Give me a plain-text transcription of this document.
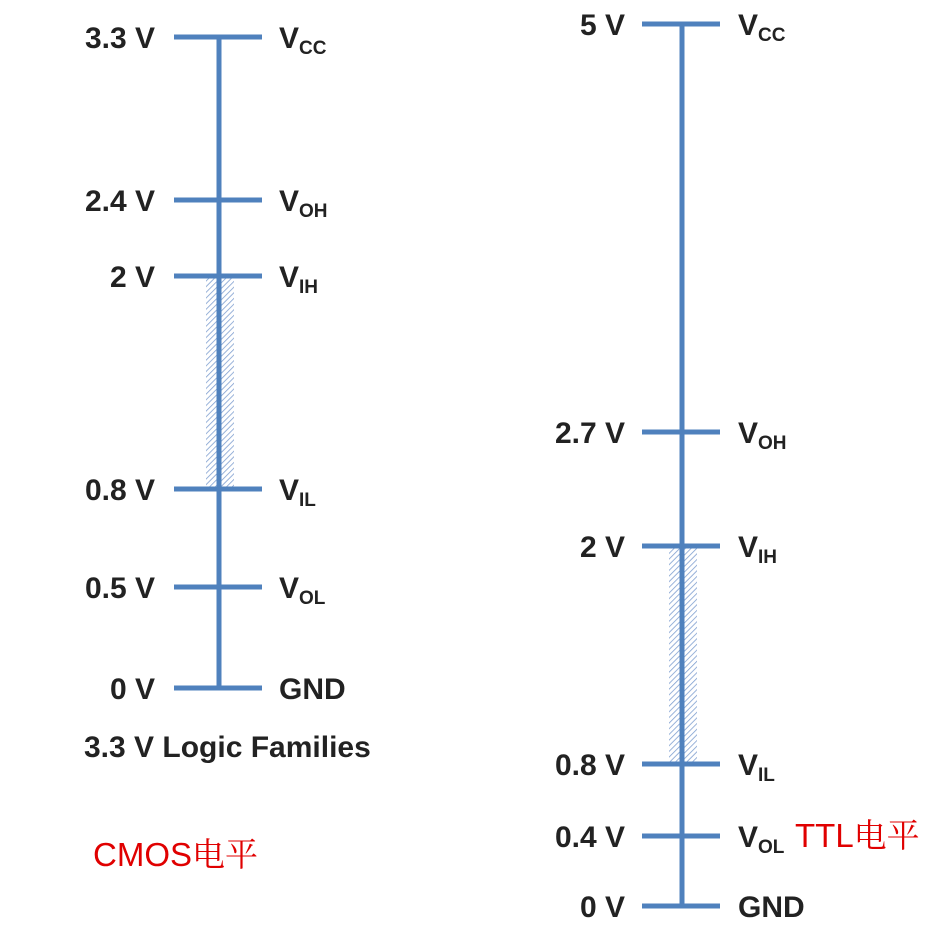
3.3 V
2.4 V
2 V
0.8 V
0.5 V
0 V
$V_{CC}$
$V_{OH}$
$V_{IH}$
$V_{IL}$
$V_{OL}$
GND
3.3 V Logic Families
CMOS电平
5 V
2.7 V
2 V
0.8 V
0.4 V
0 V
$V_{CC}$
$V_{OH}$
$V_{IH}$
$V_{IL}$
$V_{OL}$
GND
TTL电平
